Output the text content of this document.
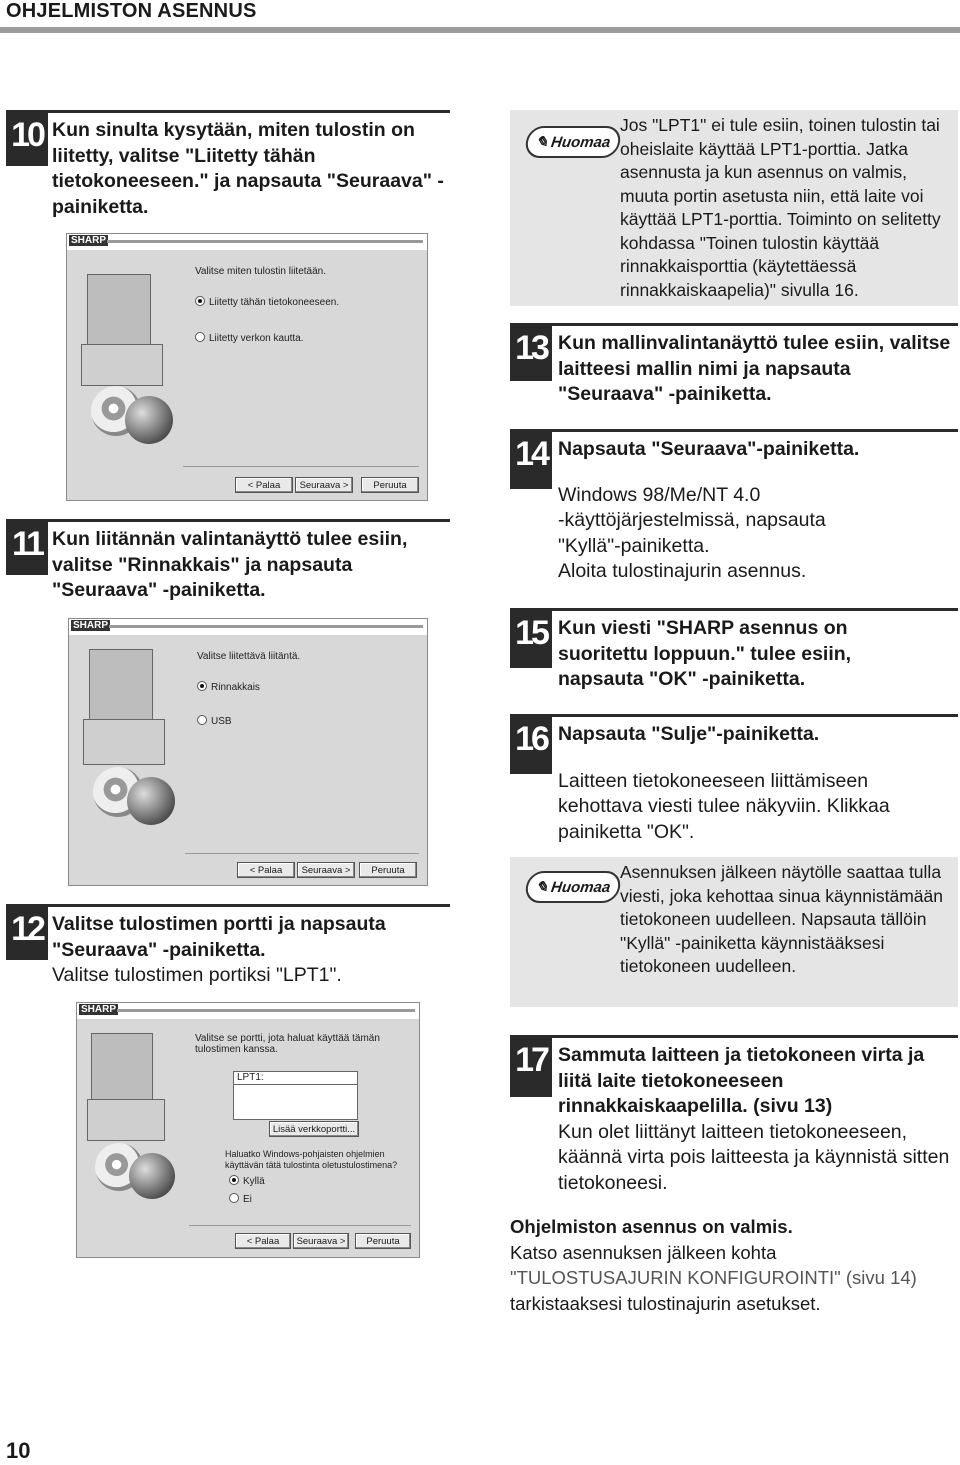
OHJELMISTON ASENNUS
10 Kun sinulta kysytään, miten tulostin on liitetty, valitse "Liitetty tähän tietokoneeseen." ja napsauta "Seuraava" -painiketta.
SHARP
Valitse miten tulostin liitetään.
Liitetty tähän tietokoneeseen.
Liitetty verkon kautta.
< Palaa	Seuraava >	Peruuta
11 Kun liitännän valintanäyttö tulee esiin, valitse "Rinnakkais" ja napsauta "Seuraava" -painiketta.
SHARP
Valitse liitettävä liitäntä.
Rinnakkais
USB
< Palaa	Seuraava >	Peruuta
12 Valitse tulostimen portti ja napsauta "Seuraava" -painiketta.
Valitse tulostimen portiksi "LPT1".
SHARP
Valitse se portti, jota haluat käyttää tämän tulostimen kanssa.
LPT1:
Lisää verkkoportti...
Haluatko Windows-pohjaisten ohjelmien käyttävän tätä tulostinta oletustulostimena?
Kyllä
Ei
< Palaa	Seuraava >	Peruuta
✎ Huomaa
Jos "LPT1" ei tule esiin, toinen tulostin tai oheislaite käyttää LPT1-porttia. Jatka asennusta ja kun asennus on valmis, muuta portin asetusta niin, että laite voi käyttää LPT1-porttia. Toiminto on selitetty kohdassa "Toinen tulostin käyttää rinnakkaisporttia (käytettäessä rinnakkaiskaapelia)" sivulla 16.
13 Kun mallinvalintanäyttö tulee esiin, valitse laitteesi mallin nimi ja napsauta "Seuraava" -painiketta.
14 Napsauta "Seuraava"-painiketta.
Windows 98/Me/NT 4.0
-käyttöjärjestelmissä, napsauta "Kyllä"-painiketta.
Aloita tulostinajurin asennus.
15 Kun viesti "SHARP asennus on suoritettu loppuun." tulee esiin, napsauta "OK" -painiketta.
16 Napsauta "Sulje"-painiketta.
Laitteen tietokoneeseen liittämiseen kehottava viesti tulee näkyviin. Klikkaa painiketta "OK".
✎ Huomaa
Asennuksen jälkeen näytölle saattaa tulla viesti, joka kehottaa sinua käynnistämään tietokoneen uudelleen. Napsauta tällöin "Kyllä" -painiketta käynnistääksesi tietokoneen uudelleen.
17 Sammuta laitteen ja tietokoneen virta ja liitä laite tietokoneeseen rinnakkaiskaapelilla. (sivu 13)
Kun olet liittänyt laitteen tietokoneeseen, käännä virta pois laitteesta ja käynnistä sitten tietokoneesi.
Ohjelmiston asennus on valmis.
Katso asennuksen jälkeen kohta
"TULOSTUSAJURIN KONFIGUROINTI" (sivu 14) tarkistaaksesi tulostinajurin asetukset.
10
